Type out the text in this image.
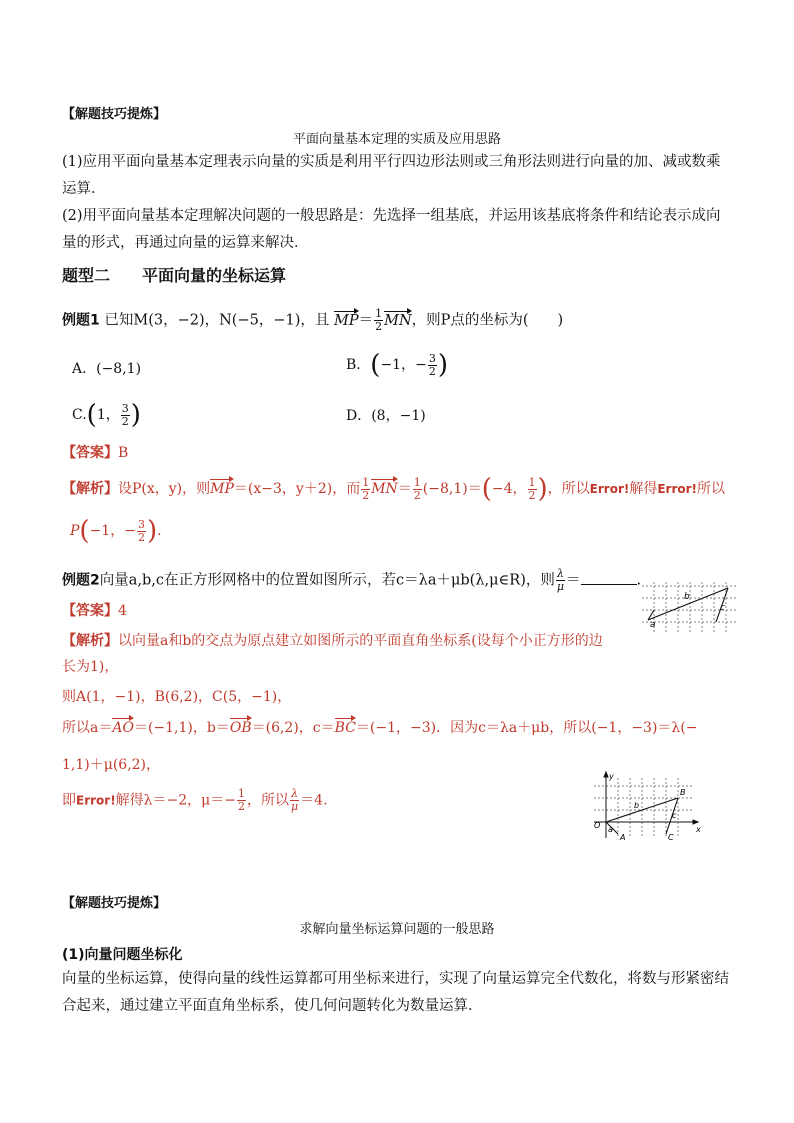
【解题技巧提炼】
平面向量基本定理的实质及应用思路
(1)应用平面向量基本定理表示向量的实质是利用平行四边形法则或三角形法则进行向量的加、减或数乘运算．
(2)用平面向量基本定理解决问题的一般思路是：先选择一组基底，并运用该基底将条件和结论表示成向量的形式，再通过向量的运算来解决．
题型二　　平面向量的坐标运算
例题1 已知M(3，−2)，N(−5，−1)，且 $MP= \frac{1}{2}$ MN，则P点的坐标为(　　)
A．(−8,1)	B．(−1，− $\frac{3}{2}$ )
C.(1， $\frac{3}{2}$ )	D．(8，−1)
【答案】B
【解析】设P(x，y)，则MP＝(x−3，y＋2)，而 $\frac{1}{2} MN= \frac{1}{2} (-8,1)=(-4$， $\frac{1}{2}$ )，所以Error!解得Error!所以
P(−1，− $\frac{3}{2}$ ).
例题2向量a,b,c在正方形网格中的位置如图所示，若c＝λa＋μb(λ,μ∈R)，则 $\frac{\lambda}{\mu}$ ＝	.
a
b
c
【答案】4
【解析】以向量a和b的交点为原点建立如图所示的平面直角坐标系(设每个小正方形的边
长为1)，
则A(1，−1)，B(6,2)，C(5，−1)，
所以a＝AO＝(−1,1)，b＝OB＝(6,2)，c＝BC＝(−1，−3)．因为c＝λa＋μb，所以(−1，−3)＝λ(−
1,1)＋μ(6,2)，
即Error!解得λ＝−2，$\mu=- \frac{1}{2}$ ，所以 $\frac{\lambda}{\mu} =4$.
y
x
O a
b
c
B
A	C
【解题技巧提炼】
求解向量坐标运算问题的一般思路
(1)向量问题坐标化
向量的坐标运算，使得向量的线性运算都可用坐标来进行，实现了向量运算完全代数化，将数与形紧密结合起来，通过建立平面直角坐标系，使几何问题转化为数量运算．
